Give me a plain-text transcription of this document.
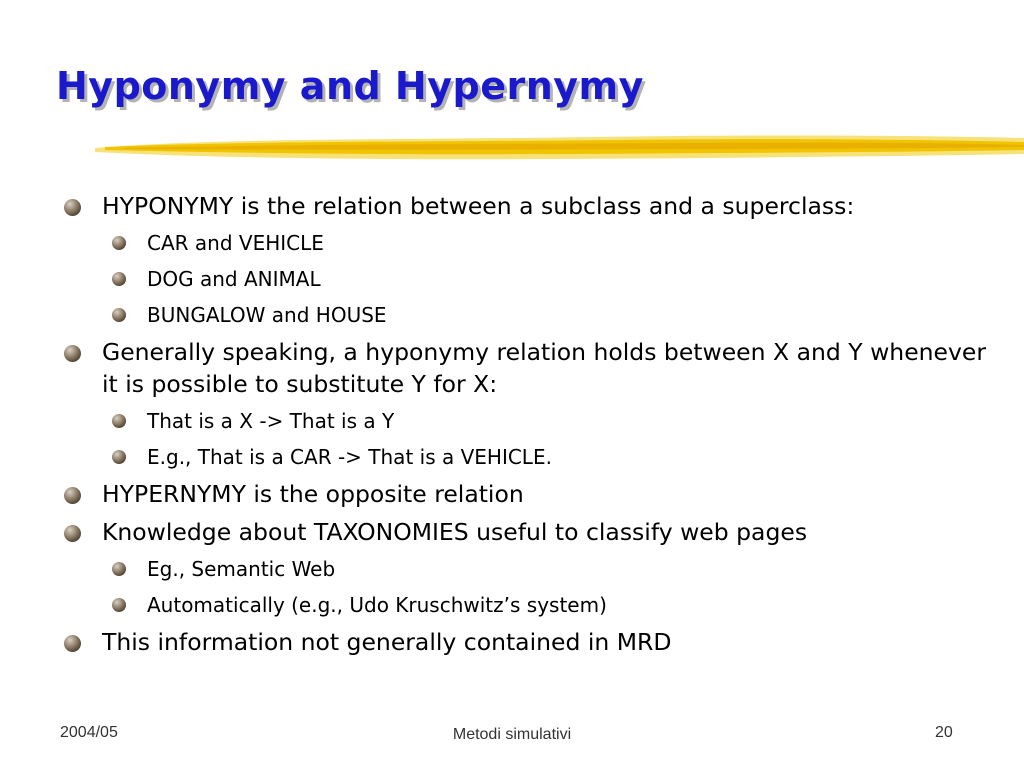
Hyponymy and Hypernymy
HYPONYMY is the relation between a subclass and a superclass:
CAR and VEHICLE
DOG and ANIMAL
BUNGALOW and HOUSE
Generally speaking, a hyponymy relation holds between X and Y whenever it is possible to substitute Y for X:
That is a X -> That is a Y
E.g., That is a CAR -> That is a VEHICLE.
HYPERNYMY is the opposite relation
Knowledge about TAXONOMIES useful to classify web pages
Eg., Semantic Web
Automatically (e.g., Udo Kruschwitz’s system)
This information not generally contained in MRD
2004/05	Metodi simulativi	20
